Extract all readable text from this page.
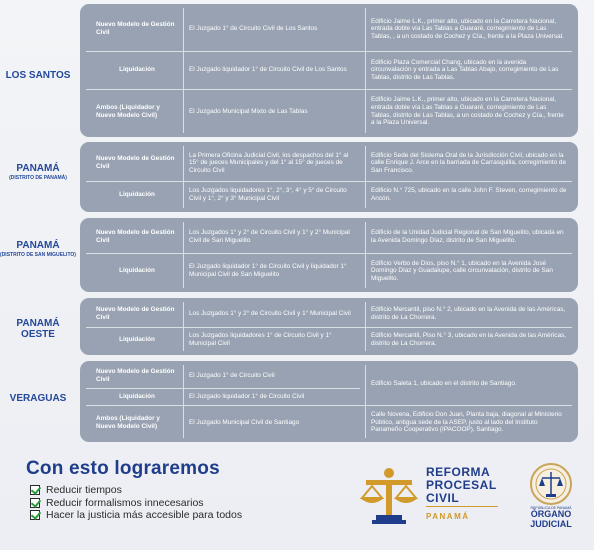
LOS SANTOS
Nuevo Modelo de Gestión Civil
El Juzgado 1° de Circuito Civil de Los Santos
Edificio Jaime L.K., primer alto, ubicado en la Carretera Nacional, entrada doble vía Las Tablas a Guararé, corregimiento de Las Tablas, , a un costado de Cochez y Cía., frente a la Plaza Universal.
Liquidación	El Juzgado liquidador 1° de Circuito Civil de Los Santos
Edificio Plaza Comercial Chang, ubicado en la avenida circunvalación y entrada a Las Tablas Abajo, corregimiento de Las Tablas, distrito de Las Tablas.
Ambos (Liquidador y Nuevo Modelo Civil)
El Juzgado Municipal Mixto de Las Tablas
Edificio Jaime L.K., primer alto, ubicado en la Carretera Nacional, entrada doble vía Las Tablas a Guararé, corregimiento de Las Tablas, distrito de Las Tablas, a un costado de Cochez y Cía., frente a la Plaza Universal.
PANAMÁ
(DISTRITO DE PANAMÁ)
Nuevo Modelo de Gestión Civil
La Primera Oficina Judicial Civil, los despachos del 1° al 15° de jueces Municipales y del 1° al 15° de jueces de Circuito Civil
Edificio Sede del Sistema Oral de la Jurisdicción Civil, ubicado en la calle Enrique J. Arce en la barriada de Carrasquilla, corregimiento de San Francisco.
Liquidación
Los Juzgados liquidadores 1°, 2°, 3°, 4° y 5° de Circuito Civil y 1°, 2° y 3° Municipal Civil
Edificio N.° 725, ubicado en la calle John F. Steven, corregimiento de Ancón.
PANAMÁ
(DISTRITO DE SAN MIGUELITO)
Nuevo Modelo de Gestión Civil
Los Juzgados 1° y 2° de Circuito Civil y 1° y 2° Municipal Civil de San Miguelito
Edificio de la Unidad Judicial Regional de San Miguelito, ubicada en la Avenida Domingo Díaz, distrito de San Miguelito.
Liquidación
El Juzgado liquidador 1° de Circuito Civil y liquidador 1° Municipal Civil de San Miguelito
Edificio Verbo de Dios, piso N.° 1, ubicado en la Avenida José Domingo Díaz y Guadalupe, calle circunvalación, distrito de San Miguelito.
PANAMÁ OESTE
Nuevo Modelo de Gestión Civil
Los Juzgados 1° y 2° de Circuito Civil y 1° Municipal Civil
Edificio Mercantil, piso N.° 2, ubicado en la Avenida de las Américas, distrito de La Chorrera.
Liquidación
Los Juzgados liquidadores 1° de Circuito Civil y 1° Municipal Civil
Edificio Mercantil, Piso N.° 3, ubicado en la Avenida de las Américas, distrito de La Chorrera.
VERAGUAS
Nuevo Modelo de Gestión Civil
El Juzgado 1° de Circuito Civil
Edificio Saleta 1, ubicado en el distrito de Santiago.
Liquidación	El Juzgado liquidador 1° de Circuito Civil
Ambos (Liquidador y Nuevo Modelo Civil)
El Juzgado Municipal Civil de Santiago
Calle Novena, Edificio Don Juan, Planta baja, diagonal al Ministerio Público, antigua sede de la ASEP, justo al lado del Instituto Panameño Cooperativo (IPACOOP), Santiago.
Con esto lograremos
Reducir tiempos
Reducir formalismos innecesarios
Hacer la justicia más accesible para todos
REFORMA
PROCESAL
CIVIL
PANAMÁ
REPÚBLICA DE PANAMÁ
ÓRGANO
JUDICIAL
